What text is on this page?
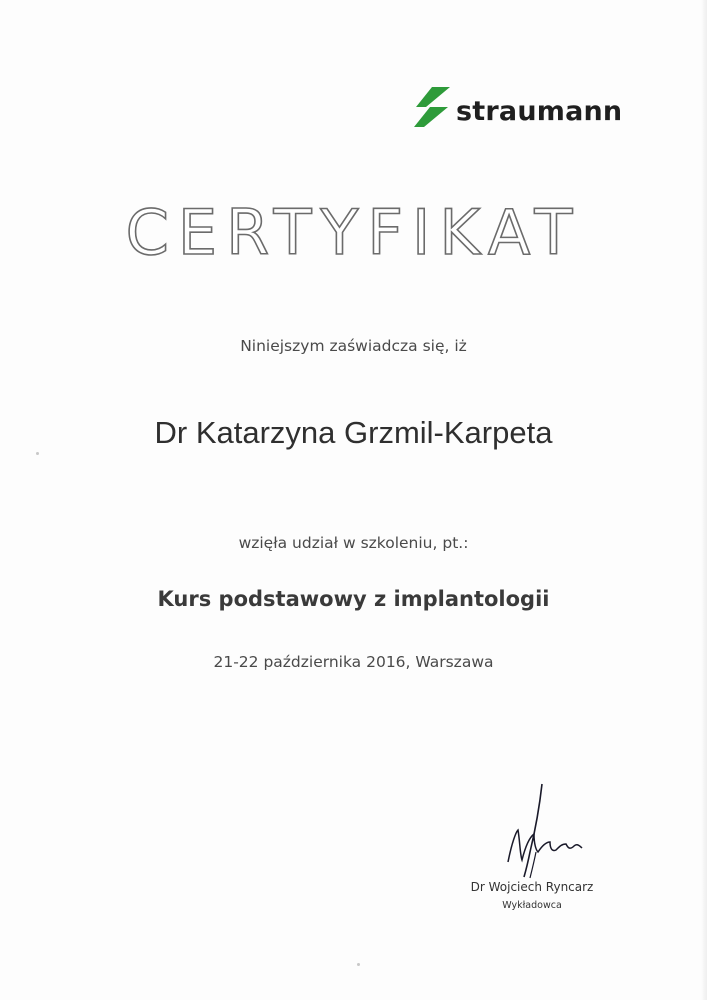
straumann
CERTYFIKAT
Niniejszym zaświadcza się, iż
Dr Katarzyna Grzmil-Karpeta
wzięła udział w szkoleniu, pt.:
Kurs podstawowy z implantologii
21-22 października 2016, Warszawa
Dr Wojciech Ryncarz
Wykładowca
